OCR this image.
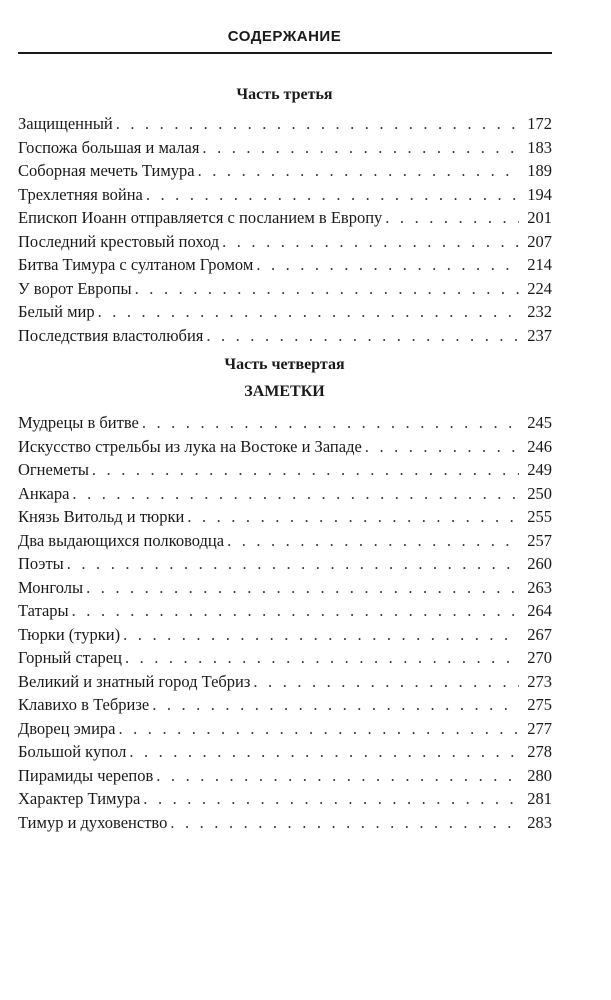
СОДЕРЖАНИЕ
Часть третья
Защищенный . . .	172
Госпожа большая и малая . . .	183
Соборная мечеть Тимура . . .	189
Трехлетняя война . . .	194
Епископ Иоанн отправляется с посланием в Европу . . .	201
Последний крестовый поход . . .	207
Битва Тимура с султаном Громом . . .	214
У ворот Европы . . .	224
Белый мир . . .	232
Последствия властолюбия . . .	237
Часть четвертая
ЗАМЕТКИ
Мудрецы в битве . . .	245
Искусство стрельбы из лука на Востоке и Западе . . .	246
Огнеметы . . .	249
Анкара . . .	250
Князь Витольд и тюрки . . .	255
Два выдающихся полководца . . .	257
Поэты . . .	260
Монголы . . .	263
Татары . . .	264
Тюрки (турки) . . .	267
Горный старец . . .	270
Великий и знатный город Тебриз . . .	273
Клавихо в Тебризе . . .	275
Дворец эмира . . .	277
Большой купол . . .	278
Пирамиды черепов . . .	280
Характер Тимура . . .	281
Тимур и духовенство . . .	283
